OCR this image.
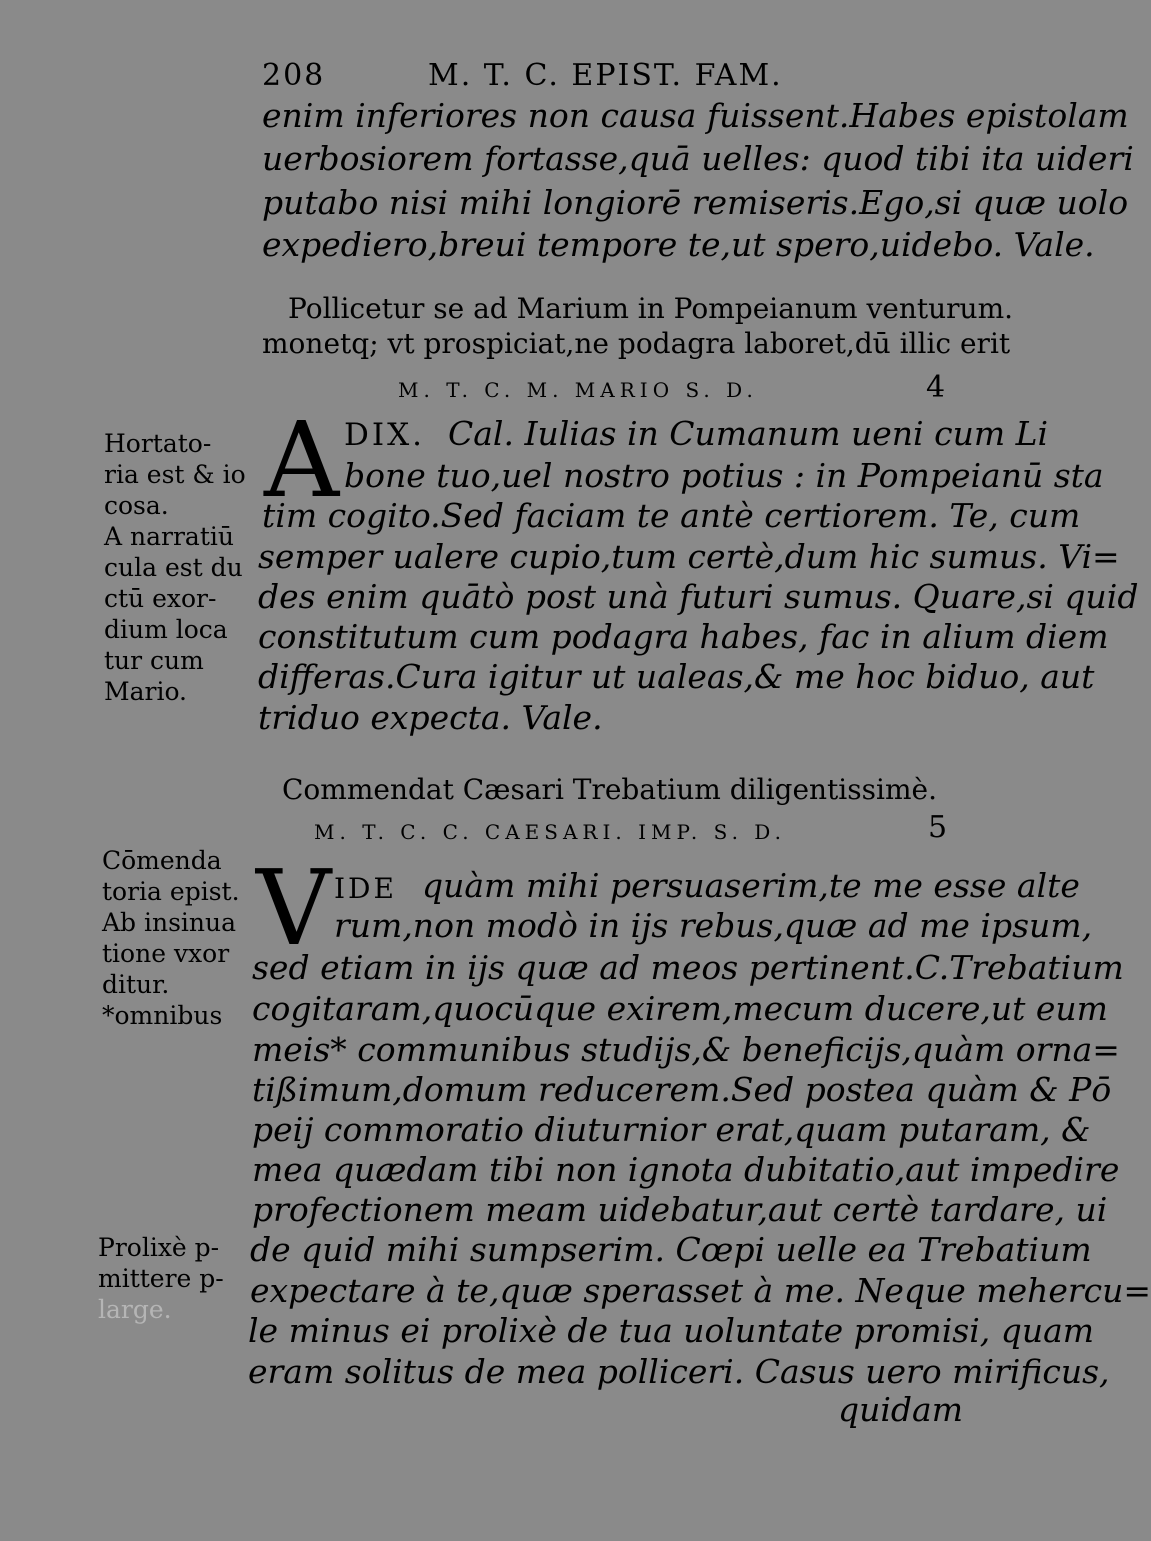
208	M. T. C. EPIST. FAM.
enim inferiores non causa fuissent.Habes epistolam
uerbosiorem fortasse,quā uelles: quod tibi ita uideri
putabo nisi mihi longiorē remiseris.Ego,si quæ uolo
expediero,breui tempore te,ut spero,uidebo. Vale.
Pollicetur se ad Marium in Pompeianum venturum.
monetq; vt prospiciat,ne podagra laboret,dū illic erit
M. T. C. M. MARIO S. D.	4
A DIX. Cal. Iulias in Cumanum ueni cum Li
bone tuo,uel nostro potius : in Pompeianū sta
tim cogito.Sed faciam te antè certiorem. Te, cum
semper ualere cupio,tum certè,dum hic sumus. Vi=
des enim quātò post unà futuri sumus. Quare,si quid
constitutum cum podagra habes, fac in alium diem
differas.Cura igitur ut ualeas,& me hoc biduo, aut
triduo expecta. Vale.
Hortato-
ria est & io
cosa.
A narratiū
cula est du
ctū exor-
dium loca
tur cum
Mario.
Commendat Cæsari Trebatium diligentissimè.
M. T. C. C. CAESARI. IMP. S. D.	5
V IDE quàm mihi persuaserim,te me esse alte
rum,non modò in ijs rebus,quæ ad me ipsum,
sed etiam in ijs quæ ad meos pertinent.C.Trebatium
cogitaram,quocūque exirem,mecum ducere,ut eum
meis* communibus studijs,& beneficijs,quàm orna=
tißimum,domum reducerem.Sed postea quàm & Pō
peij commoratio diuturnior erat,quam putaram, &
mea quædam tibi non ignota dubitatio,aut impedire
profectionem meam uidebatur,aut certè tardare, ui
de quid mihi sumpserim. Cœpi uelle ea Trebatium
expectare à te,quæ sperasset à me. Neque mehercu=
le minus ei prolixè de tua uoluntate promisi, quam
eram solitus de mea polliceri. Casus uero mirificus,
quidam
Cōmenda
toria epist.
Ab insinua
tione vxor
ditur.
*omnibus
Prolixè p-
mittere p-
large.
